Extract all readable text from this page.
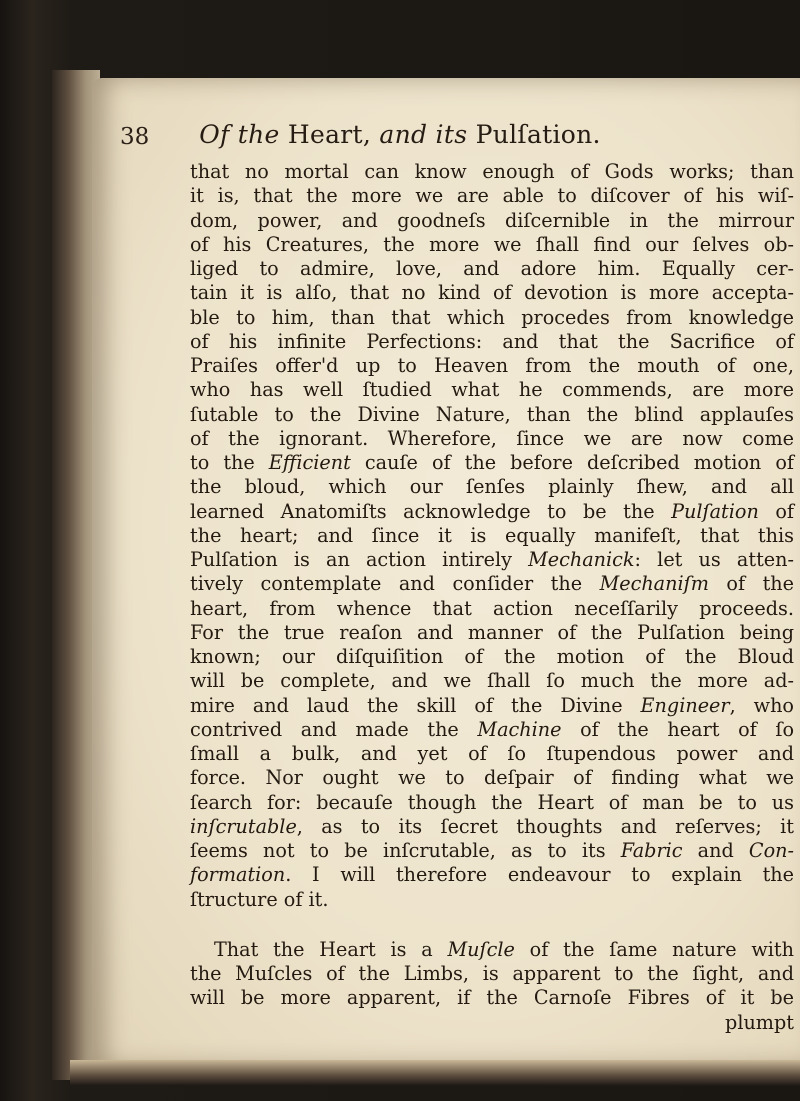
38	Of the Heart, and its Pulſation.
that no mortal can know enough of Gods works; than
it is, that the more we are able to diſcover of his wiſ-
dom, power, and goodneſs diſcernible in the mirrour
of his Creatures, the more we ſhall find our ſelves ob-
liged to admire, love, and adore him. Equally cer-
tain it is alſo, that no kind of devotion is more accepta-
ble to him, than that which procedes from knowledge
of his infinite Perfections: and that the Sacrifice of
Praiſes offer'd up to Heaven from the mouth of one,
who has well ſtudied what he commends, are more
ſutable to the Divine Nature, than the blind applauſes
of the ignorant. Wherefore, ſince we are now come
to the Efficient cauſe of the before deſcribed motion of
the bloud, which our ſenſes plainly ſhew, and all
learned Anatomiſts acknowledge to be the Pulſation of
the heart; and ſince it is equally manifeſt, that this
Pulſation is an action intirely Mechanick: let us atten-
tively contemplate and conſider the Mechaniſm of the
heart, from whence that action neceſſarily proceeds.
For the true reaſon and manner of the Pulſation being
known; our diſquiſition of the motion of the Bloud
will be complete, and we ſhall ſo much the more ad-
mire and laud the skill of the Divine Engineer, who
contrived and made the Machine of the heart of ſo
ſmall a bulk, and yet of ſo ſtupendous power and
force. Nor ought we to deſpair of finding what we
ſearch for: becauſe though the Heart of man be to us
inſcrutable, as to its ſecret thoughts and reſerves; it
ſeems not to be inſcrutable, as to its Fabric and Con-
formation. I will therefore endeavour to explain the
ſtructure of it.
That the Heart is a Muſcle of the ſame nature with
the Muſcles of the Limbs, is apparent to the ſight, and
will be more apparent, if the Carnoſe Fibres of it be
plumpt
